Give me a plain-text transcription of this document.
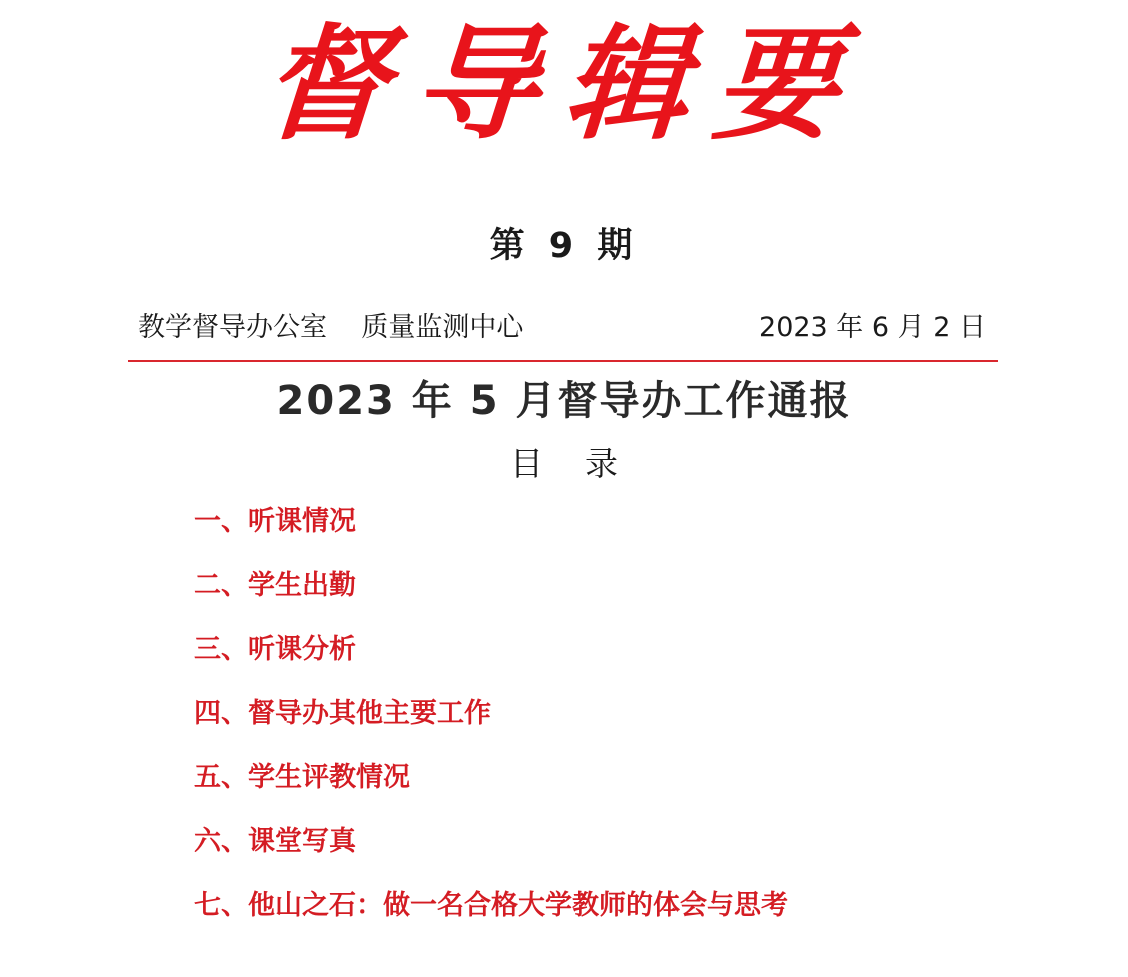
督导辑要
第 9 期
教学督导办公室    质量监测中心	2023 年 6 月 2 日
2023 年 5 月督导办工作通报
目    录
一、听课情况
二、学生出勤
三、听课分析
四、督导办其他主要工作
五、学生评教情况
六、课堂写真
七、他山之石：做一名合格大学教师的体会与思考
